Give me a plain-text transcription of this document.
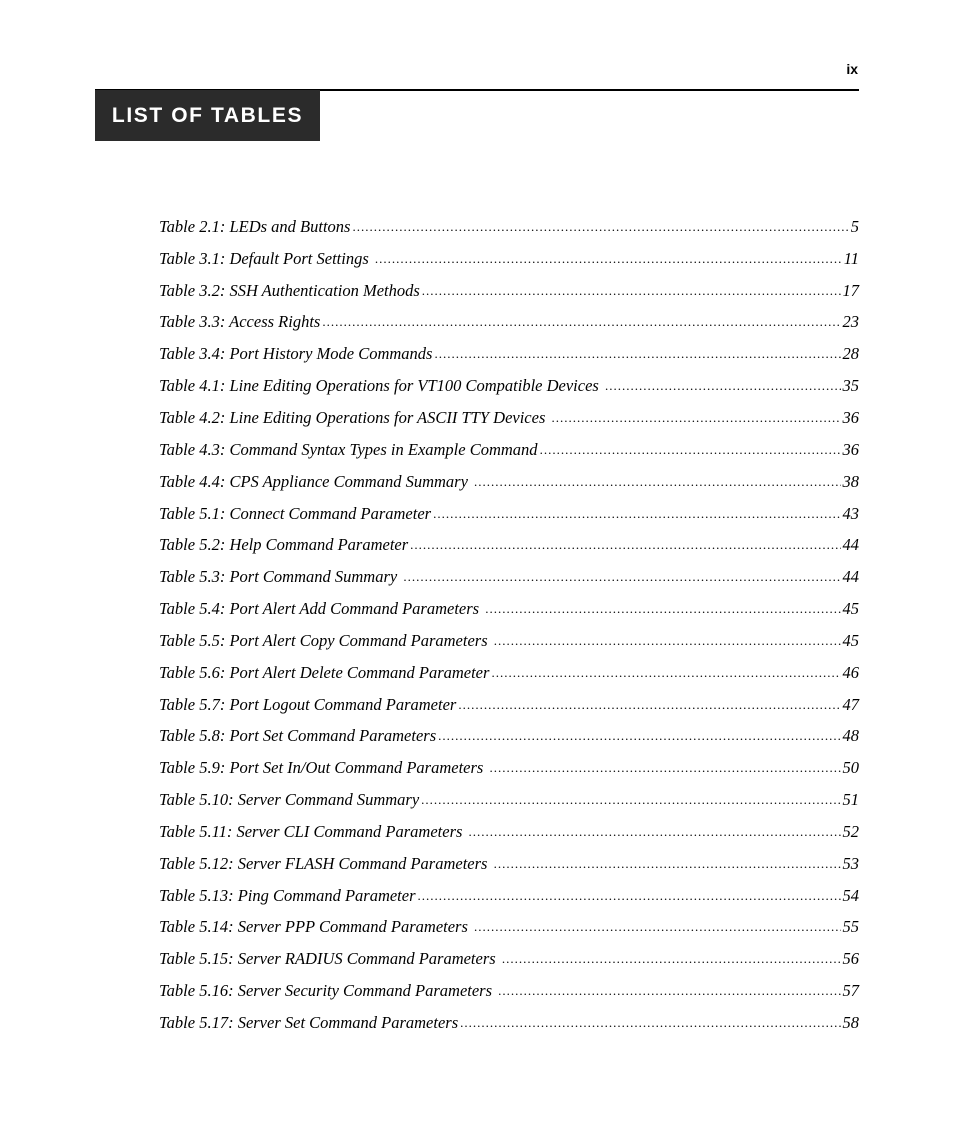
ix
LIST OF TABLES
Table 2.1: LEDs and Buttons .....	5
Table 3.1: Default Port Settings .....	11
Table 3.2: SSH Authentication Methods .....	17
Table 3.3: Access Rights .....	23
Table 3.4: Port History Mode Commands .....	28
Table 4.1: Line Editing Operations for VT100 Compatible Devices .....	35
Table 4.2: Line Editing Operations for ASCII TTY Devices .....	36
Table 4.3: Command Syntax Types in Example Command .....	36
Table 4.4: CPS Appliance Command Summary .....	38
Table 5.1: Connect Command Parameter .....	43
Table 5.2: Help Command Parameter .....	44
Table 5.3: Port Command Summary .....	44
Table 5.4: Port Alert Add Command Parameters .....	45
Table 5.5: Port Alert Copy Command Parameters .....	45
Table 5.6: Port Alert Delete Command Parameter .....	46
Table 5.7: Port Logout Command Parameter .....	47
Table 5.8: Port Set Command Parameters .....	48
Table 5.9: Port Set In/Out Command Parameters .....	50
Table 5.10: Server Command Summary .....	51
Table 5.11: Server CLI Command Parameters .....	52
Table 5.12: Server FLASH Command Parameters .....	53
Table 5.13: Ping Command Parameter .....	54
Table 5.14: Server PPP Command Parameters .....	55
Table 5.15: Server RADIUS Command Parameters .....	56
Table 5.16: Server Security Command Parameters .....	57
Table 5.17: Server Set Command Parameters .....	58
